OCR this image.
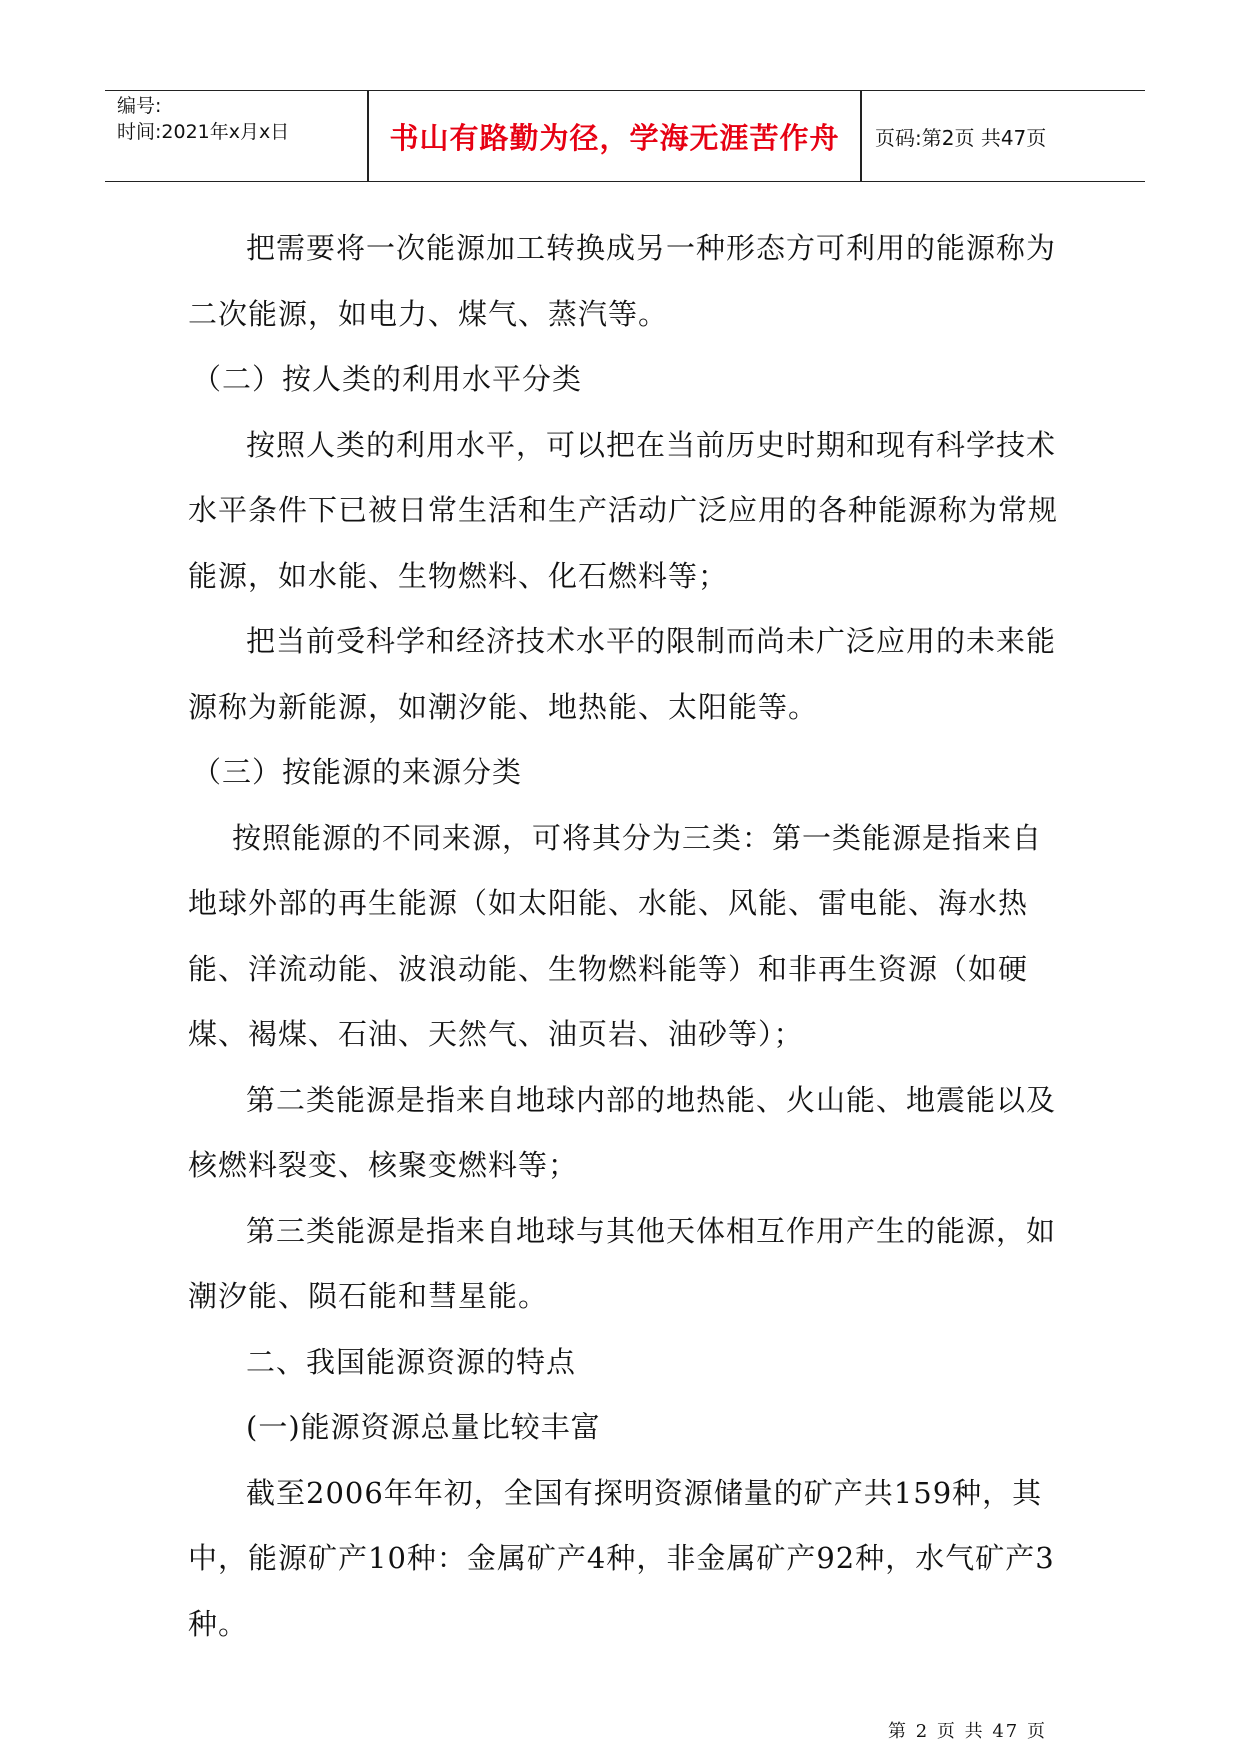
编号:
时间:2021年x月x日	书山有路勤为径，学海无涯苦作舟	页码:第2页 共47页

把需要将一次能源加工转换成另一种形态方可利用的能源称为二次能源，如电力、煤气、蒸汽等。

（二）按人类的利用水平分类

按照人类的利用水平，可以把在当前历史时期和现有科学技术水平条件下已被日常生活和生产活动广泛应用的各种能源称为常规能源，如水能、生物燃料、化石燃料等；

把当前受科学和经济技术水平的限制而尚未广泛应用的未来能源称为新能源，如潮汐能、地热能、太阳能等。

（三）按能源的来源分类

按照能源的不同来源，可将其分为三类：第一类能源是指来自地球外部的再生能源（如太阳能、水能、风能、雷电能、海水热能、洋流动能、波浪动能、生物燃料能等）和非再生资源（如硬煤、褐煤、石油、天然气、油页岩、油砂等）；

第二类能源是指来自地球内部的地热能、火山能、地震能以及核燃料裂变、核聚变燃料等；

第三类能源是指来自地球与其他天体相互作用产生的能源，如潮汐能、陨石能和彗星能。

二、我国能源资源的特点

(一)能源资源总量比较丰富

截至2006年年初，全国有探明资源储量的矿产共159种，其中，能源矿产10种：金属矿产4种，非金属矿产92种，水气矿产3种。

第 2 页 共 47 页
